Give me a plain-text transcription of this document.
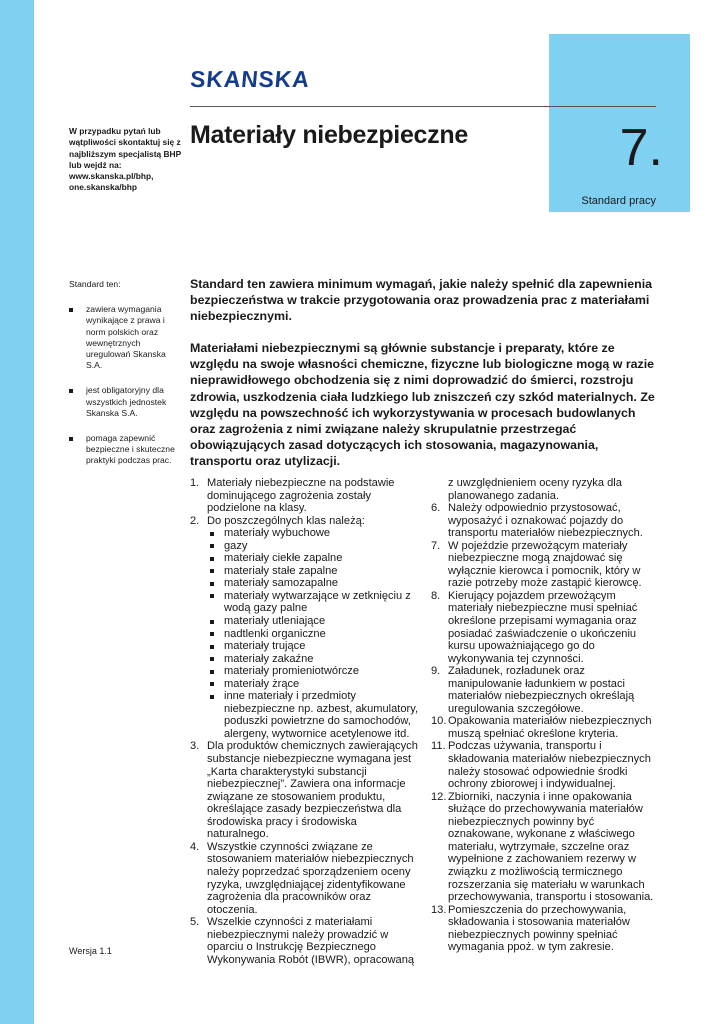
7.
Standard pracy
SKANSKA
W przypadku pytań lub wątpliwości skontaktuj się z najbliższym specjalistą BHP lub wejdź na: www.skanska.pl/bhp, one.skanska/bhp
Materiały niebezpieczne
Standard ten:
zawiera wymagania wynikające z prawa i norm polskich oraz wewnętrznych uregulowań Skanska S.A.
jest obligatoryjny dla wszystkich jednostek Skanska S.A.
pomaga zapewnić bezpieczne i skuteczne praktyki podczas prac.

Standard ten zawiera minimum wymagań, jakie należy spełnić dla zapewnienia bezpieczeństwa w trakcie przygotowania oraz prowadzenia prac z materiałami niebezpiecznymi.

Materiałami niebezpiecznymi są głównie substancje i preparaty, które ze względu na swoje własności chemiczne, fizyczne lub biologiczne mogą w razie nieprawidłowego obchodzenia się z nimi doprowadzić do śmierci, rozstroju zdrowia, uszkodzenia ciała ludzkiego lub zniszczeń czy szkód materialnych. Ze względu na powszechność ich wykorzystywania w procesach budowlanych oraz zagrożenia z nimi związane należy skrupulatnie przestrzegać obowiązujących zasad dotyczących ich stosowania, magazynowania, transportu oraz utylizacji.

1. Materiały niebezpieczne na podstawie dominującego zagrożenia zostały podzielone na klasy.
2. Do poszczególnych klas należą:
materiały wybuchowe
gazy
materiały ciekłe zapalne
materiały stałe zapalne
materiały samozapalne
materiały wytwarzające w zetknięciu z wodą gazy palne
materiały utleniające
nadtlenki organiczne
materiały trujące
materiały zakaźne
materiały promieniotwórcze
materiały żrące
inne materiały i przedmioty niebezpieczne np. azbest, akumulatory, poduszki powietrzne do samochodów, alergeny, wytwornice acetylenowe itd.
3. Dla produktów chemicznych zawierających substancje niebezpieczne wymagana jest „Karta charakterystyki substancji niebezpiecznej”. Zawiera ona informacje związane ze stosowaniem produktu, określające zasady bezpieczeństwa dla środowiska pracy i środowiska naturalnego.
4. Wszystkie czynności związane ze stosowaniem materiałów niebezpiecznych należy poprzedzać sporządzeniem oceny ryzyka, uwzględniającej zidentyfikowane zagrożenia dla pracowników oraz otoczenia.
5. Wszelkie czynności z materiałami niebezpiecznymi należy prowadzić w oparciu o Instrukcję Bezpiecznego Wykonywania Robót (IBWR), opracowaną
z uwzględnieniem oceny ryzyka dla planowanego zadania.
6. Należy odpowiednio przystosować, wyposażyć i oznakować pojazdy do transportu materiałów niebezpiecznych.
7. W pojeździe przewożącym materiały niebezpieczne mogą znajdować się wyłącznie kierowca i pomocnik, który w razie potrzeby może zastąpić kierowcę.
8. Kierujący pojazdem przewożącym materiały niebezpieczne musi spełniać określone przepisami wymagania oraz posiadać zaświadczenie o ukończeniu kursu upoważniającego go do wykonywania tej czynności.
9. Załadunek, rozładunek oraz manipulowanie ładunkiem w postaci materiałów niebezpiecznych określają uregulowania szczegółowe.
10. Opakowania materiałów niebezpiecznych muszą spełniać określone kryteria.
11. Podczas używania, transportu i składowania materiałów niebezpiecznych należy stosować odpowiednie środki ochrony zbiorowej i indywidualnej.
12. Zbiorniki, naczynia i inne opakowania służące do przechowywania materiałów niebezpiecznych powinny być oznakowane, wykonane z właściwego materiału, wytrzymałe, szczelne oraz wypełnione z zachowaniem rezerwy w związku z możliwością termicznego rozszerzania się materiału w warunkach przechowywania, transportu i stosowania.
13. Pomieszczenia do przechowywania, składowania i stosowania materiałów niebezpiecznych powinny spełniać wymagania ppoż. w tym zakresie.
Wersja 1.1
